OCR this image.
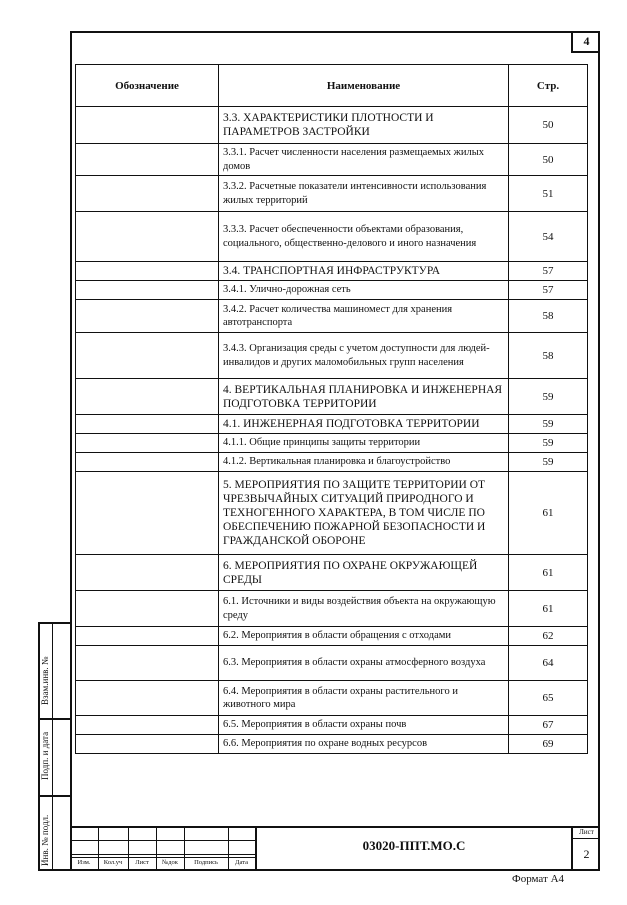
4
Обозначение	Наименование	Стр.
	3.3. ХАРАКТЕРИСТИКИ ПЛОТНОСТИ И ПАРАМЕТРОВ ЗАСТРОЙКИ	50
	3.3.1. Расчет численности населения размещаемых жилых домов	50
	3.3.2. Расчетные показатели интенсивности использования жилых территорий	51
	3.3.3. Расчет обеспеченности объектами образования, социального, общественно-делового и иного назначения	54
	3.4. ТРАНСПОРТНАЯ ИНФРАСТРУКТУРА	57
	3.4.1. Улично-дорожная сеть	57
	3.4.2. Расчет количества машиномест для хранения автотранспорта	58
	3.4.3. Организация среды с учетом доступности для людей-инвалидов и других маломобильных групп населения	58
	4. ВЕРТИКАЛЬНАЯ ПЛАНИРОВКА И ИНЖЕНЕРНАЯ ПОДГОТОВКА ТЕРРИТОРИИ	59
	4.1. ИНЖЕНЕРНАЯ ПОДГОТОВКА ТЕРРИТОРИИ	59
	4.1.1. Общие принципы защиты территории	59
	4.1.2. Вертикальная планировка и благоустройство	59
	5. МЕРОПРИЯТИЯ ПО ЗАЩИТЕ ТЕРРИТОРИИ ОТ ЧРЕЗВЫЧАЙНЫХ СИТУАЦИЙ ПРИРОДНОГО И ТЕХНОГЕННОГО ХАРАКТЕРА, В ТОМ ЧИСЛЕ ПО ОБЕСПЕЧЕНИЮ ПОЖАРНОЙ БЕЗОПАСНОСТИ И ГРАЖДАНСКОЙ ОБОРОНЕ	61
	6. МЕРОПРИЯТИЯ ПО ОХРАНЕ ОКРУЖАЮЩЕЙ СРЕДЫ	61
	6.1. Источники и виды воздействия объекта на окружающую среду	61
	6.2. Мероприятия в области обращения с отходами	62
	6.3. Мероприятия в области охраны атмосферного воздуха	64
	6.4. Мероприятия в области охраны растительного и животного мира	65
	6.5. Мероприятия в области охраны почв	67
	6.6. Мероприятия по охране водных ресурсов	69
Взам.инв. №
Подп. и дата
Инв. № подл.	Изм.	Кол.уч	Лист	№док	Подпись	Дата
03020-ППТ.МО.С
Лист
2
Формат А4
